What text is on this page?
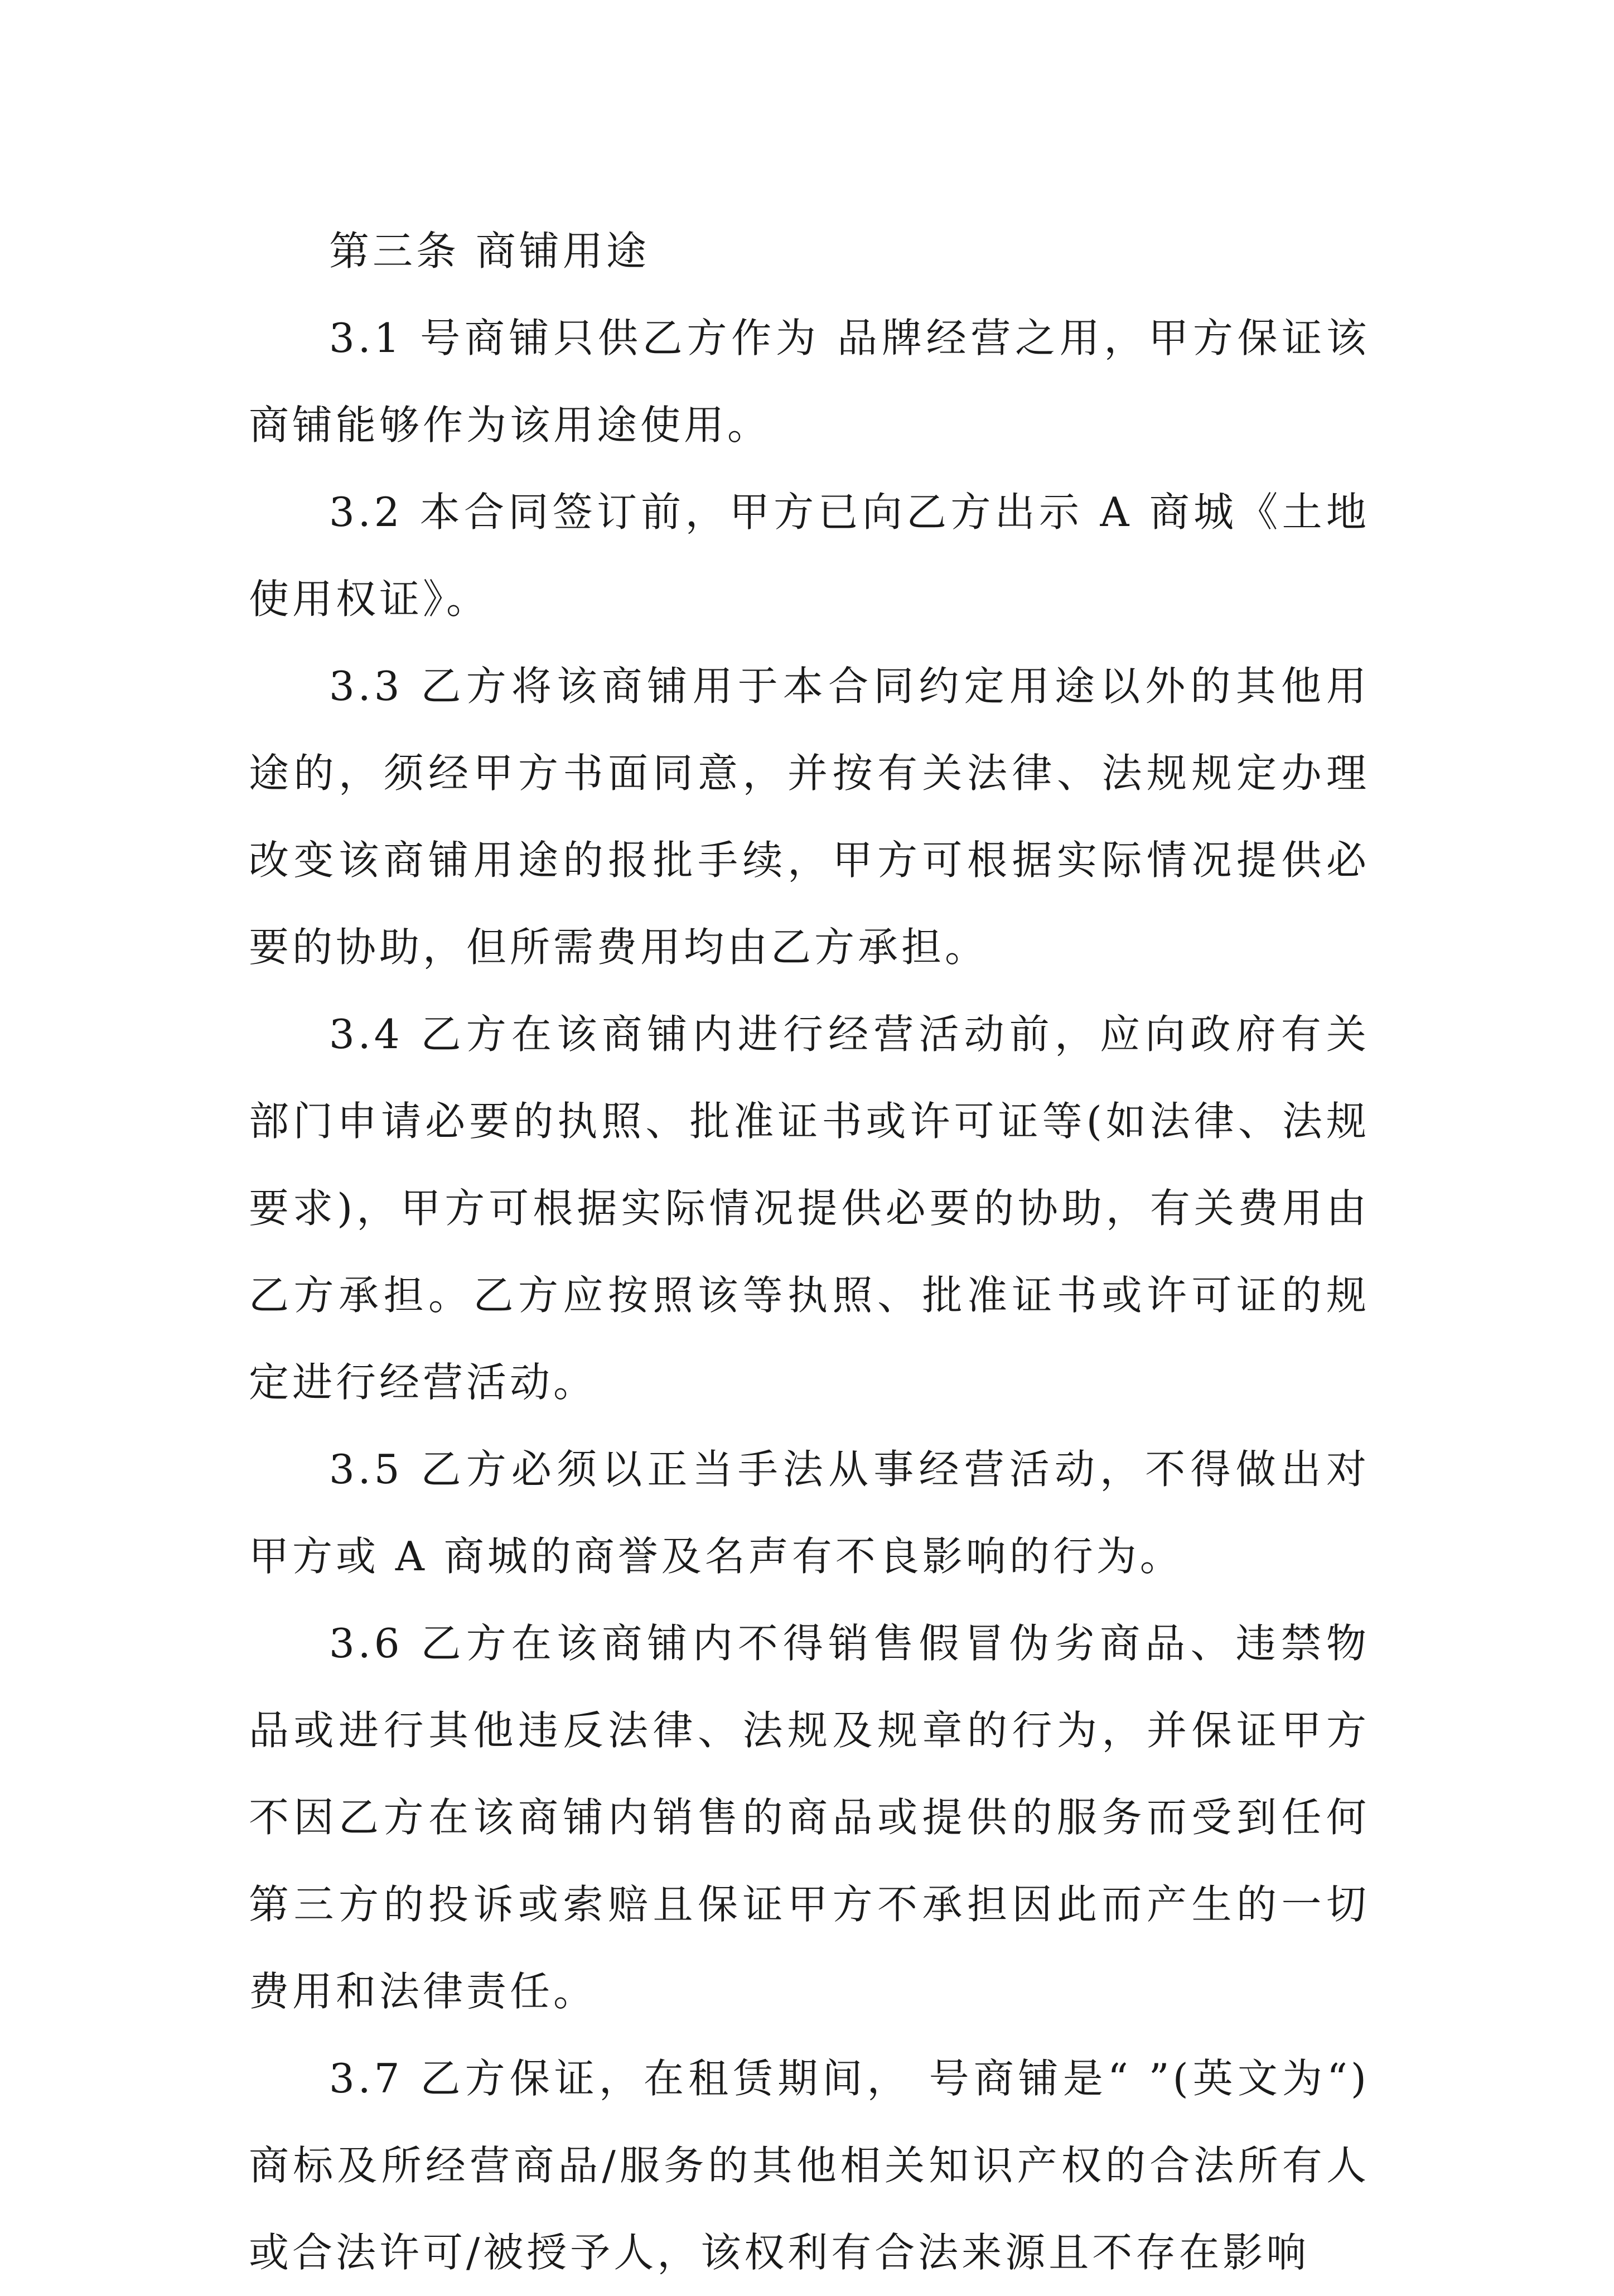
第三条 商铺用途

3.1 号商铺只供乙方作为 品牌经营之用，甲方保证该商铺能够作为该用途使用。

3.2 本合同签订前，甲方已向乙方出示 A 商城《土地使用权证》。

3.3 乙方将该商铺用于本合同约定用途以外的其他用途的，须经甲方书面同意，并按有关法律、法规规定办理改变该商铺用途的报批手续，甲方可根据实际情况提供必要的协助，但所需费用均由乙方承担。

3.4 乙方在该商铺内进行经营活动前，应向政府有关部门申请必要的执照、批准证书或许可证等(如法律、法规要求)，甲方可根据实际情况提供必要的协助，有关费用由乙方承担。乙方应按照该等执照、批准证书或许可证的规定进行经营活动。

3.5 乙方必须以正当手法从事经营活动，不得做出对甲方或 A 商城的商誉及名声有不良影响的行为。

3.6 乙方在该商铺内不得销售假冒伪劣商品、违禁物品或进行其他违反法律、法规及规章的行为，并保证甲方不因乙方在该商铺内销售的商品或提供的服务而受到任何第三方的投诉或索赔且保证甲方不承担因此而产生的一切费用和法律责任。

3.7 乙方保证，在租赁期间， 号商铺是“ ”(英文为“)商标及所经营商品/服务的其他相关知识产权的合法所有人或合法许可/被授予人，该权利有合法来源且不存在影响
